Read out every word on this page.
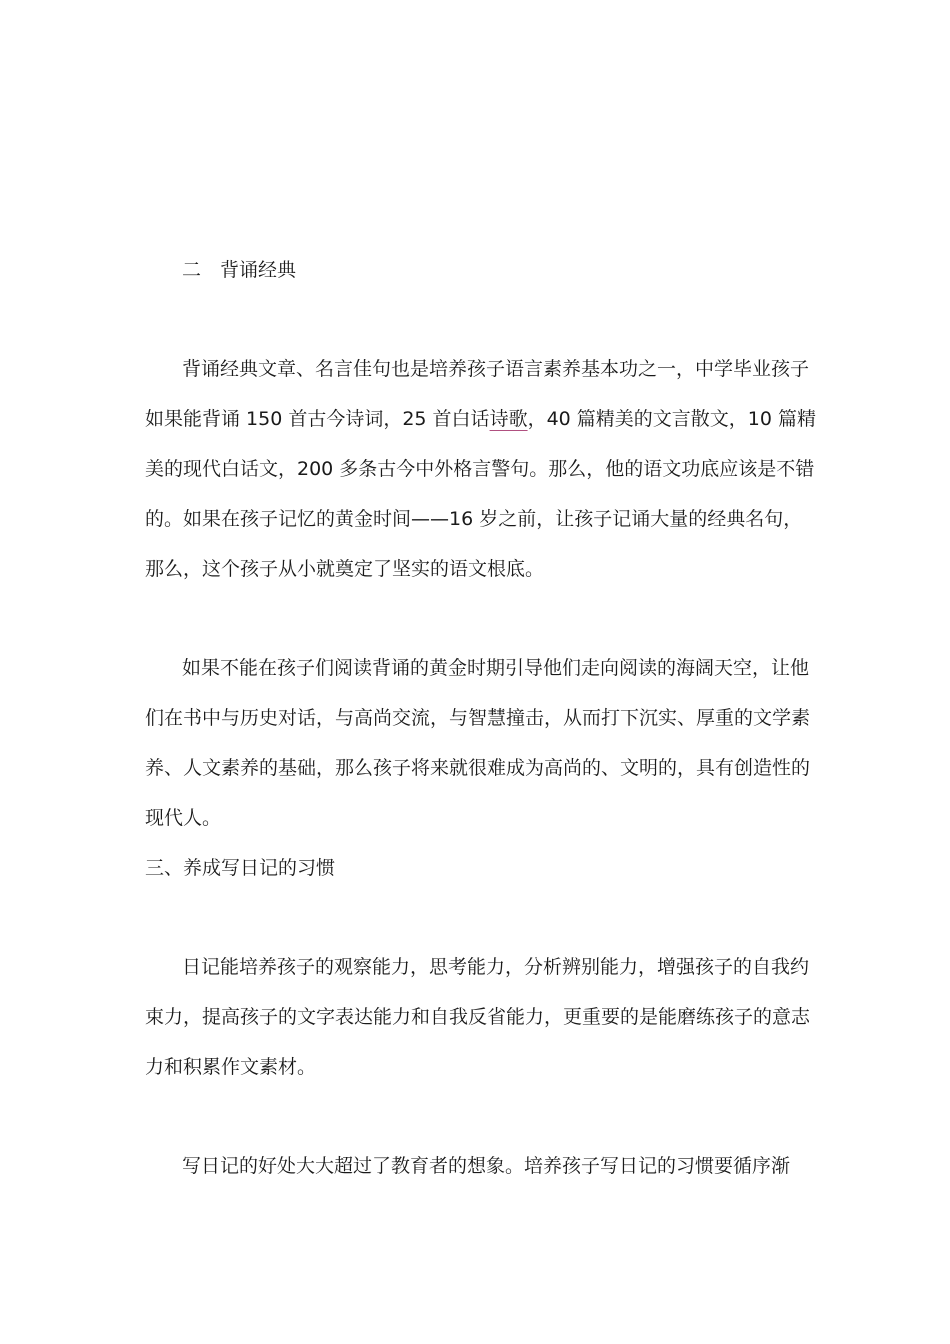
二　背诵经典
背诵经典文章、名言佳句也是培养孩子语言素养基本功之一，中学毕业孩子
如果能背诵 150 首古今诗词，25 首白话诗歌，40 篇精美的文言散文，10 篇精
美的现代白话文，200 多条古今中外格言警句。那么，他的语文功底应该是不错
的。如果在孩子记忆的黄金时间——16 岁之前，让孩子记诵大量的经典名句，
那么，这个孩子从小就奠定了坚实的语文根底。
如果不能在孩子们阅读背诵的黄金时期引导他们走向阅读的海阔天空，让他
们在书中与历史对话，与高尚交流，与智慧撞击，从而打下沉实、厚重的文学素
养、人文素养的基础，那么孩子将来就很难成为高尚的、文明的，具有创造性的
现代人。
三、养成写日记的习惯
日记能培养孩子的观察能力，思考能力，分析辨别能力，增强孩子的自我约
束力，提高孩子的文字表达能力和自我反省能力，更重要的是能磨练孩子的意志
力和积累作文素材。
写日记的好处大大超过了教育者的想象。培养孩子写日记的习惯要循序渐
